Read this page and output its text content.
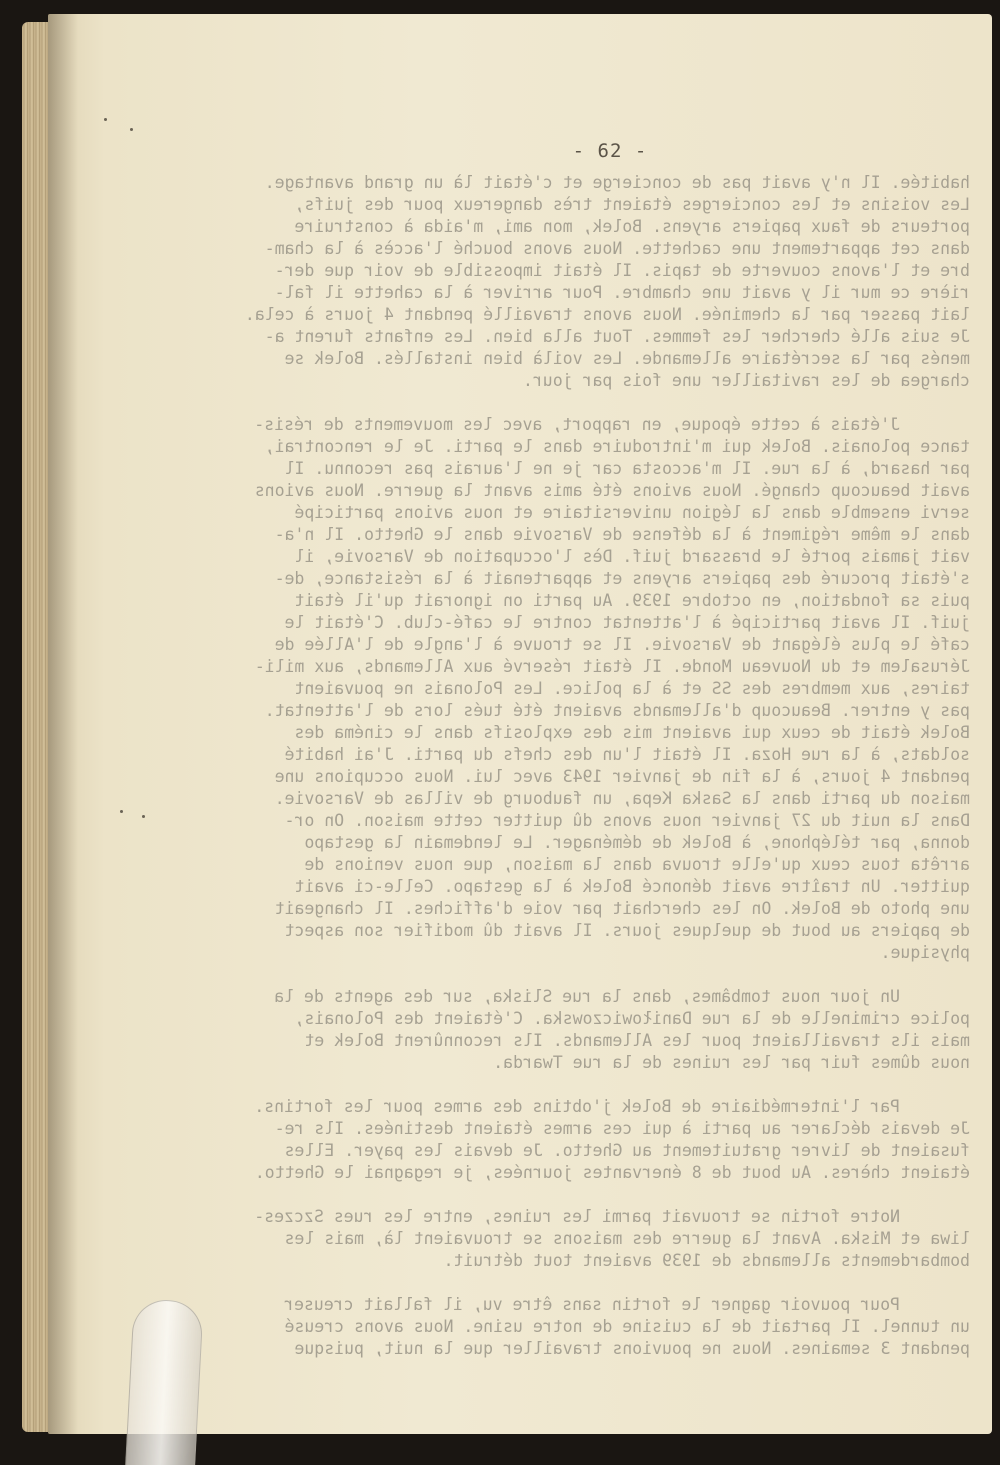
- 62 -

habitée. Il n'y avait pas de concierge et c'était là un grand avantage.

Les voisins et les concierges étaient très dangereux pour des juifs,

porteurs de faux papiers aryens. Bolek, mon ami, m'aida à construire

dans cet appartement une cachette. Nous avons bouché l'accès à la cham-

bre et l'avons couverte de tapis. Il était impossible de voir que der-

rière ce mur il y avait une chambre. Pour arriver à la cahette il fal-

lait passer par la cheminée. Nous avons travaillé pendant 4 jours à cela.

Je suis allé chercher les femmes. Tout alla bien. Les enfants furent a-

menés par la secrétaire allemande. Les voilà bien installés. Bolek se

chargea de les ravitailler une fois par jour.

J'étais à cette époque, en rapport, avec les mouvements de résis-

tance polonais. Bolek qui m'introduire dans le parti. Je le rencontrai,

par hasard, à la rue. Il m'accosta car je ne l'aurais pas reconnu. Il

avait beaucoup changé. Nous avions été amis avant la guerre. Nous avions

servi ensemble dans la légion universitaire et nous avions participé

dans le même régiment à la défense de Varsovie dans le Ghetto. Il n'a-

vait jamais porté le brassard juif. Dès l'occupation de Varsovie, il

s'était procuré des papiers aryens et appartenait à la résistance, de-

puis sa fondation, en octobre 1939. Au parti on ignorait qu'il était

juif. Il avait participé à l'attentat contre le café-club. C'était le

café le plus élégant de Varsovie. Il se trouve à l'angle de l'Allée de

Jérusalem et du Nouveau Monde. Il était réservé aux Allemands, aux mili-

taires, aux membres des SS et à la police. Les Polonais ne pouvaient

pas y entrer. Beaucoup d'allemands avaient été tués lors de l'attentat.

Bolek était de ceux qui avaient mis des explosifs dans le cinéma des

soldats, à la rue Hoza. Il était l'un des chefs du parti. J'ai habité

pendant 4 jours, à la fin de janvier 1943 avec lui. Nous occupions une

maison du parti dans la Saska Kepa, un faubourg de villas de Varsovie.

Dans la nuit du 27 janvier nous avons dû quitter cette maison. On or-

donna, par téléphone, à Bolek de déménager. Le lendemain la gestapo

arrêta tous ceux qu'elle trouva dans la maison, que nous venions de

quitter. Un traître avait dénoncé Bolek à la gestapo. Celle-ci avait

une photo de Bolek. On les cherchait par voie d'affiches. Il changeait

de papiers au bout de quelques jours. Il avait dû modifier son aspect

physique.

Un jour nous tombâmes, dans la rue Sliska, sur des agents de la

police criminelle de la rue Daniłowiczowska. C'étaient des Polonais,

mais ils travaillaient pour les Allemands. Ils reconnûrent Bolek et

nous dûmes fuir par les ruines de la rue Twarda.

Par l'intermédiaire de Bolek j'obtins des armes pour les fortins.

Je devais déclarer au parti à qui ces armes étaient destinées. Ils re-

fusaient de livrer gratuitement au Ghetto. Je devais les payer. Elles

étaient chères. Au bout de 8 énervantes journées, je regagnai le Ghetto.

Notre fortin se trouvait parmi les ruines, entre les rues Szczes-

liwa et Miska. Avant la guerre des maisons se trouvaient là, mais les

bombardements allemands de 1939 avaient tout détruit.

Pour pouvoir gagner le fortin sans être vu, il fallait creuser

un tunnel. Il partait de la cuisine de notre usine. Nous avons creusé

pendant 3 semaines. Nous ne pouvions travailler que la nuit, puisque
